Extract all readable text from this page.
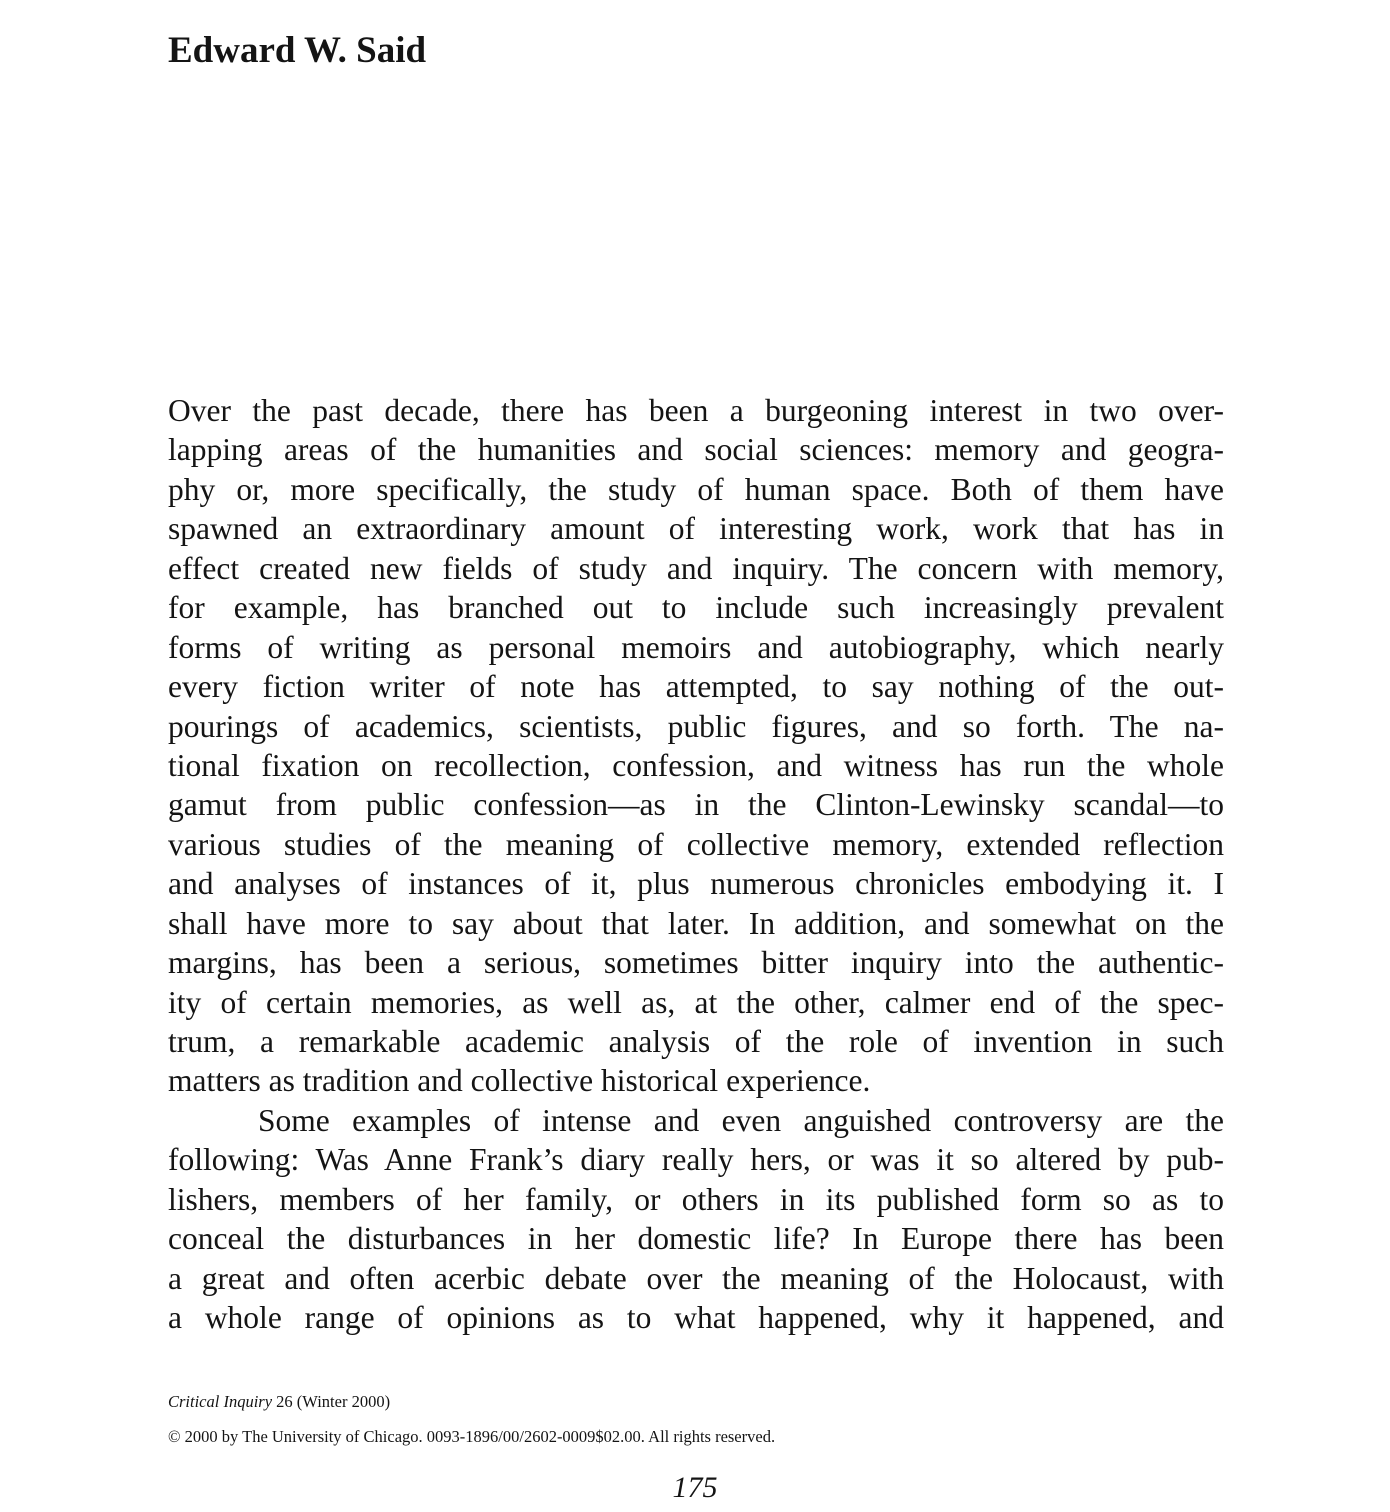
Edward W. Said
Over the past decade, there has been a burgeoning interest in two over-
lapping areas of the humanities and social sciences: memory and geogra-
phy or, more specifically, the study of human space. Both of them have
spawned an extraordinary amount of interesting work, work that has in
effect created new fields of study and inquiry. The concern with memory,
for example, has branched out to include such increasingly prevalent
forms of writing as personal memoirs and autobiography, which nearly
every fiction writer of note has attempted, to say nothing of the out-
pourings of academics, scientists, public figures, and so forth. The na-
tional fixation on recollection, confession, and witness has run the whole
gamut from public confession—as in the Clinton-Lewinsky scandal—to
various studies of the meaning of collective memory, extended reflection
and analyses of instances of it, plus numerous chronicles embodying it. I
shall have more to say about that later. In addition, and somewhat on the
margins, has been a serious, sometimes bitter inquiry into the authentic-
ity of certain memories, as well as, at the other, calmer end of the spec-
trum, a remarkable academic analysis of the role of invention in such
matters as tradition and collective historical experience.
Some examples of intense and even anguished controversy are the
following: Was Anne Frank’s diary really hers, or was it so altered by pub-
lishers, members of her family, or others in its published form so as to
conceal the disturbances in her domestic life? In Europe there has been
a great and often acerbic debate over the meaning of the Holocaust, with
a whole range of opinions as to what happened, why it happened, and
Critical Inquiry 26 (Winter 2000)
© 2000 by The University of Chicago. 0093-1896/00/2602-0009$02.00. All rights reserved.
175
